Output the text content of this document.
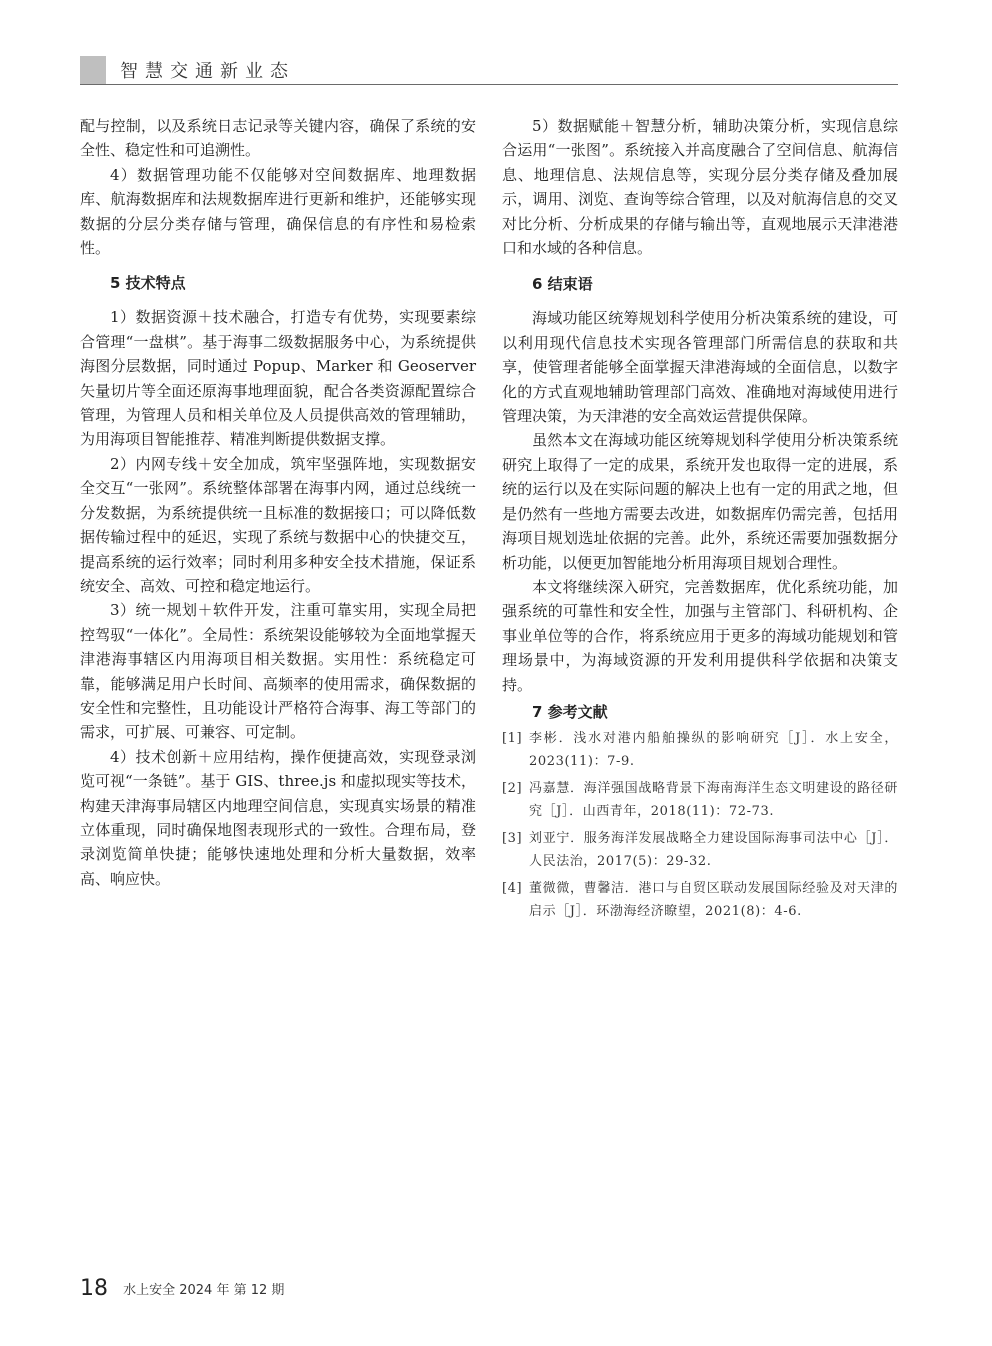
智慧交通新业态

配与控制，以及系统日志记录等关键内容，确保了系统的安全性、稳定性和可追溯性。

4）数据管理功能不仅能够对空间数据库、地理数据库、航海数据库和法规数据库进行更新和维护，还能够实现数据的分层分类存储与管理，确保信息的有序性和易检索性。

5 技术特点

1）数据资源＋技术融合，打造专有优势，实现要素综合管理“一盘棋”。基于海事二级数据服务中心，为系统提供海图分层数据，同时通过 Popup、Marker 和 Geoserver 矢量切片等全面还原海事地理面貌，配合各类资源配置综合管理，为管理人员和相关单位及人员提供高效的管理辅助，为用海项目智能推荐、精准判断提供数据支撑。

2）内网专线＋安全加成，筑牢坚强阵地，实现数据安全交互“一张网”。系统整体部署在海事内网，通过总线统一分发数据，为系统提供统一且标准的数据接口；可以降低数据传输过程中的延迟，实现了系统与数据中心的快捷交互，提高系统的运行效率；同时利用多种安全技术措施，保证系统安全、高效、可控和稳定地运行。

3）统一规划＋软件开发，注重可靠实用，实现全局把控驾驭“一体化”。全局性：系统架设能够较为全面地掌握天津港海事辖区内用海项目相关数据。实用性：系统稳定可靠，能够满足用户长时间、高频率的使用需求，确保数据的安全性和完整性，且功能设计严格符合海事、海工等部门的需求，可扩展、可兼容、可定制。

4）技术创新＋应用结构，操作便捷高效，实现登录浏览可视“一条链”。基于 GIS、three.js 和虚拟现实等技术，构建天津海事局辖区内地理空间信息，实现真实场景的精准立体重现，同时确保地图表现形式的一致性。合理布局，登录浏览简单快捷；能够快速地处理和分析大量数据，效率高、响应快。

5）数据赋能＋智慧分析，辅助决策分析，实现信息综合运用“一张图”。系统接入并高度融合了空间信息、航海信息、地理信息、法规信息等，实现分层分类存储及叠加展示，调用、浏览、查询等综合管理，以及对航海信息的交叉对比分析、分析成果的存储与输出等，直观地展示天津港港口和水域的各种信息。

6 结束语

海域功能区统筹规划科学使用分析决策系统的建设，可以利用现代信息技术实现各管理部门所需信息的获取和共享，使管理者能够全面掌握天津港海域的全面信息，以数字化的方式直观地辅助管理部门高效、准确地对海域使用进行管理决策，为天津港的安全高效运营提供保障。

虽然本文在海域功能区统筹规划科学使用分析决策系统研究上取得了一定的成果，系统开发也取得一定的进展，系统的运行以及在实际问题的解决上也有一定的用武之地，但是仍然有一些地方需要去改进，如数据库仍需完善，包括用海项目规划选址依据的完善。此外，系统还需要加强数据分析功能，以便更加智能地分析用海项目规划合理性。

本文将继续深入研究，完善数据库，优化系统功能，加强系统的可靠性和安全性，加强与主管部门、科研机构、企事业单位等的合作，将系统应用于更多的海域功能规划和管理场景中，为海域资源的开发利用提供科学依据和决策支持。

7 参考文献

[1] 李彬．浅水对港内船舶操纵的影响研究［J］．水上安全，2023(11)：7-9.

[2] 冯嘉慧．海洋强国战略背景下海南海洋生态文明建设的路径研究［J］．山西青年，2018(11)：72-73.

[3] 刘亚宁．服务海洋发展战略全力建设国际海事司法中心［J］．人民法治，2017(5)：29-32.

[4] 董微微，曹馨洁．港口与自贸区联动发展国际经验及对天津的启示［J］．环渤海经济瞭望，2021(8)：4-6.

18 水上安全 2024 年 第 12 期
